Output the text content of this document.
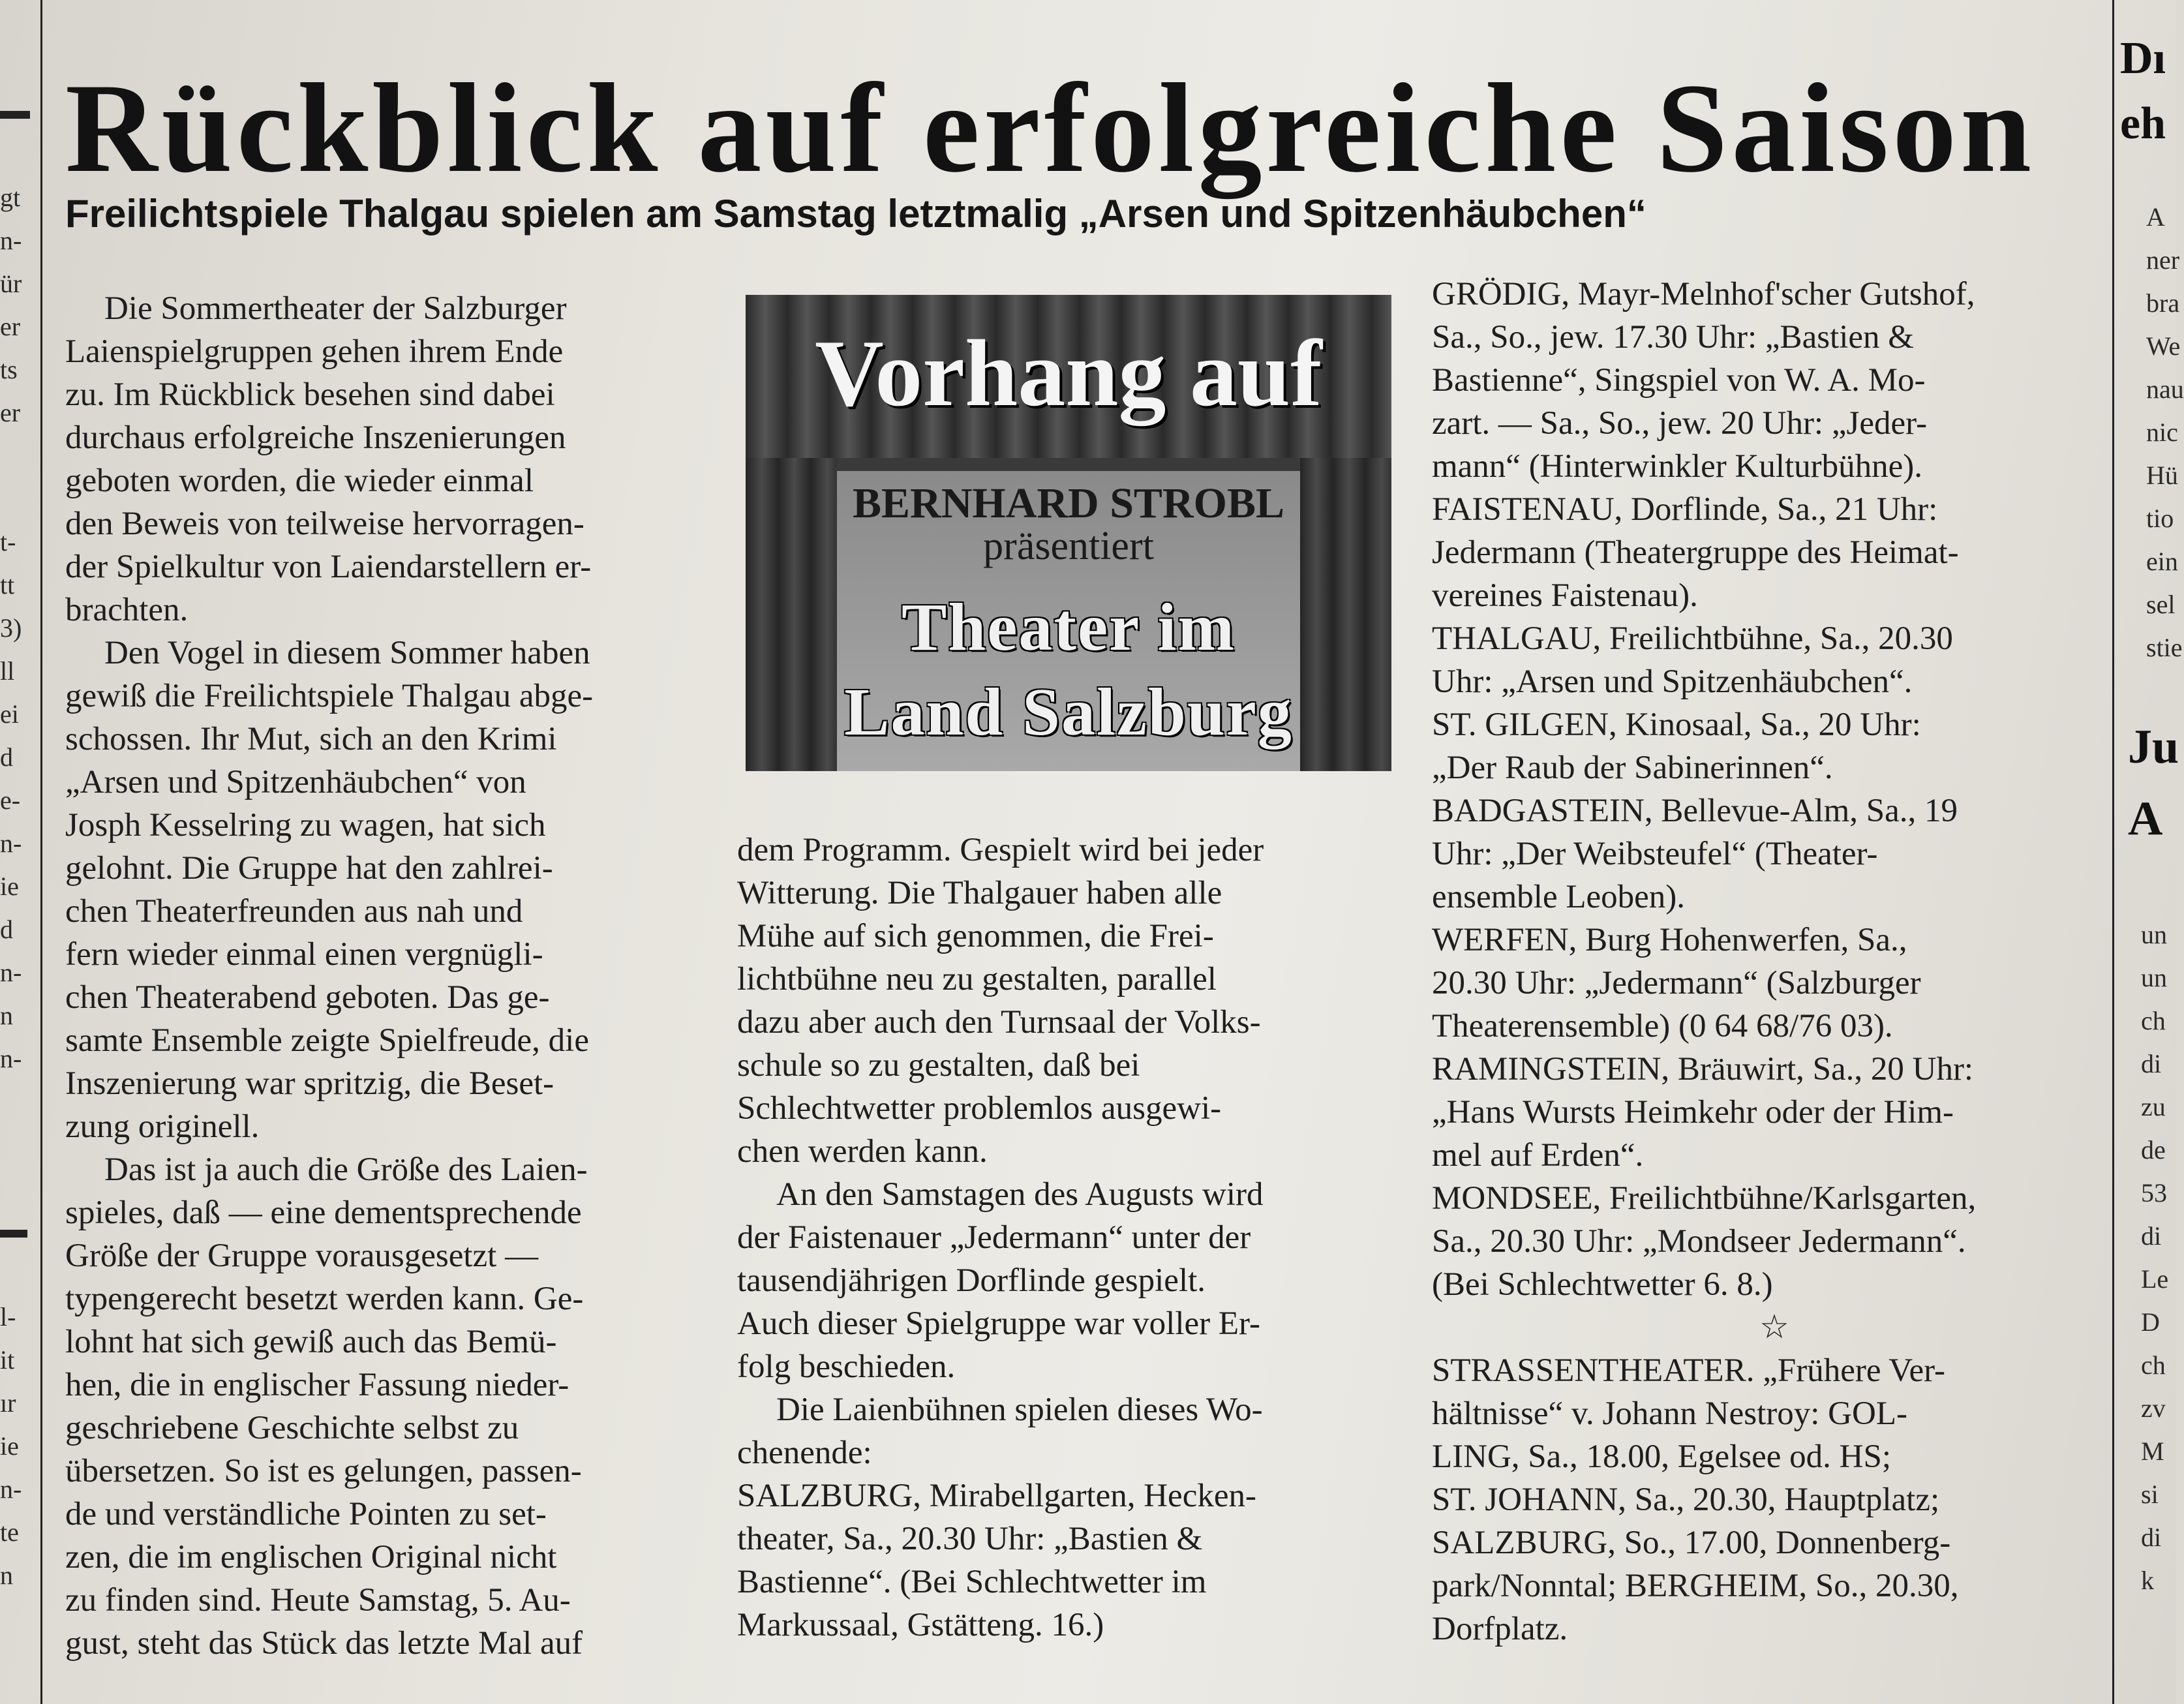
gt
n-
ür
er
ts
er
t-
tt
3)
ll
ei
d
e-
n-
ie
d
n-
n
n-
l-
it
ır
ie
n-
te
n
Dı
eh
A
ner
bra
We
nau
nic
Hü
tio
ein
sel
stie
Ju
A
un
un
ch
di
zu
de
53
di
Le
D
ch
zv
M
si
di
k
Rückblick auf erfolgreiche Saison
Freilichtspiele Thalgau spielen am Samstag letztmalig „Arsen und Spitzenhäubchen“
Die Sommertheater der Salzburger
Laienspielgruppen gehen ihrem Ende
zu. Im Rückblick besehen sind dabei
durchaus erfolgreiche Inszenierungen
geboten worden, die wieder einmal
den Beweis von teilweise hervorragen-
der Spielkultur von Laiendarstellern er-
brachten.
Den Vogel in diesem Sommer haben
gewiß die Freilichtspiele Thalgau abge-
schossen. Ihr Mut, sich an den Krimi
„Arsen und Spitzenhäubchen“ von
Josph Kesselring zu wagen, hat sich
gelohnt. Die Gruppe hat den zahlrei-
chen Theaterfreunden aus nah und
fern wieder einmal einen vergnügli-
chen Theaterabend geboten. Das ge-
samte Ensemble zeigte Spielfreude, die
Inszenierung war spritzig, die Beset-
zung originell.
Das ist ja auch die Größe des Laien-
spieles, daß — eine dementsprechende
Größe der Gruppe vorausgesetzt —
typengerecht besetzt werden kann. Ge-
lohnt hat sich gewiß auch das Bemü-
hen, die in englischer Fassung nieder-
geschriebene Geschichte selbst zu
übersetzen. So ist es gelungen, passen-
de und verständliche Pointen zu set-
zen, die im englischen Original nicht
zu finden sind. Heute Samstag, 5. Au-
gust, steht das Stück das letzte Mal auf
Vorhang auf
BERNHARD STROBL
präsentiert
Theater im
Land Salzburg
dem Programm. Gespielt wird bei jeder
Witterung. Die Thalgauer haben alle
Mühe auf sich genommen, die Frei-
lichtbühne neu zu gestalten, parallel
dazu aber auch den Turnsaal der Volks-
schule so zu gestalten, daß bei
Schlechtwetter problemlos ausgewi-
chen werden kann.
An den Samstagen des Augusts wird
der Faistenauer „Jedermann“ unter der
tausendjährigen Dorflinde gespielt.
Auch dieser Spielgruppe war voller Er-
folg beschieden.
Die Laienbühnen spielen dieses Wo-
chenende:
SALZBURG, Mirabellgarten, Hecken-
theater, Sa., 20.30 Uhr: „Bastien &
Bastienne“. (Bei Schlechtwetter im
Markussaal, Gstätteng. 16.)
GRÖDIG, Mayr-Melnhof'scher Gutshof,
Sa., So., jew. 17.30 Uhr: „Bastien &
Bastienne“, Singspiel von W. A. Mo-
zart. — Sa., So., jew. 20 Uhr: „Jeder-
mann“ (Hinterwinkler Kulturbühne).
FAISTENAU, Dorflinde, Sa., 21 Uhr:
Jedermann (Theatergruppe des Heimat-
vereines Faistenau).
THALGAU, Freilichtbühne, Sa., 20.30
Uhr: „Arsen und Spitzenhäubchen“.
ST. GILGEN, Kinosaal, Sa., 20 Uhr:
„Der Raub der Sabinerinnen“.
BADGASTEIN, Bellevue-Alm, Sa., 19
Uhr: „Der Weibsteufel“ (Theater-
ensemble Leoben).
WERFEN, Burg Hohenwerfen, Sa.,
20.30 Uhr: „Jedermann“ (Salzburger
Theaterensemble) (0 64 68/76 03).
RAMINGSTEIN, Bräuwirt, Sa., 20 Uhr:
„Hans Wursts Heimkehr oder der Him-
mel auf Erden“.
MONDSEE, Freilichtbühne/Karlsgarten,
Sa., 20.30 Uhr: „Mondseer Jedermann“.
(Bei Schlechtwetter 6. 8.)
☆
STRASSENTHEATER. „Frühere Ver-
hältnisse“ v. Johann Nestroy: GOL-
LING, Sa., 18.00, Egelsee od. HS;
ST. JOHANN, Sa., 20.30, Hauptplatz;
SALZBURG, So., 17.00, Donnenberg-
park/Nonntal; BERGHEIM, So., 20.30,
Dorfplatz.
